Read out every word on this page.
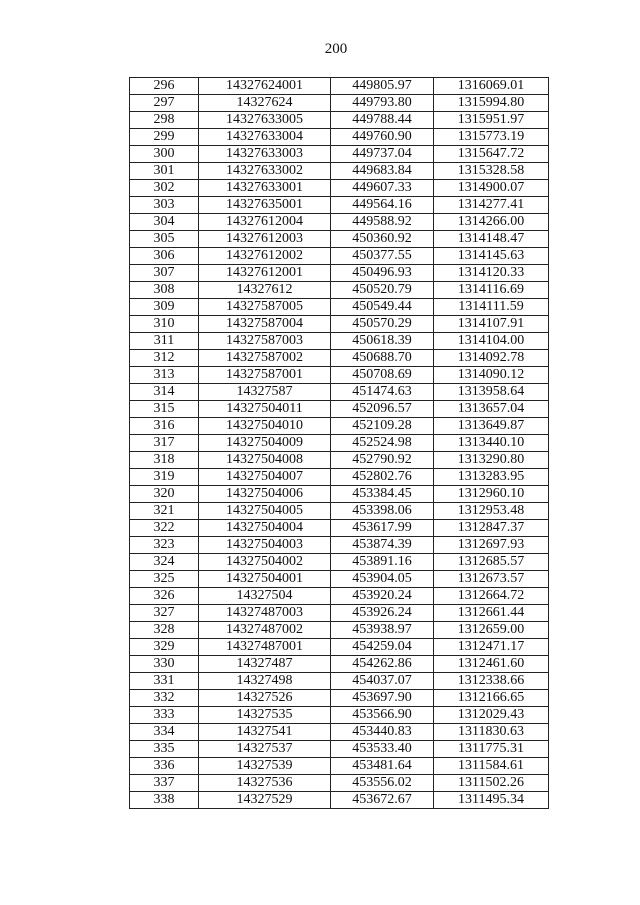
200
296	14327624001	449805.97	1316069.01
297	14327624	449793.80	1315994.80
298	14327633005	449788.44	1315951.97
299	14327633004	449760.90	1315773.19
300	14327633003	449737.04	1315647.72
301	14327633002	449683.84	1315328.58
302	14327633001	449607.33	1314900.07
303	14327635001	449564.16	1314277.41
304	14327612004	449588.92	1314266.00
305	14327612003	450360.92	1314148.47
306	14327612002	450377.55	1314145.63
307	14327612001	450496.93	1314120.33
308	14327612	450520.79	1314116.69
309	14327587005	450549.44	1314111.59
310	14327587004	450570.29	1314107.91
311	14327587003	450618.39	1314104.00
312	14327587002	450688.70	1314092.78
313	14327587001	450708.69	1314090.12
314	14327587	451474.63	1313958.64
315	14327504011	452096.57	1313657.04
316	14327504010	452109.28	1313649.87
317	14327504009	452524.98	1313440.10
318	14327504008	452790.92	1313290.80
319	14327504007	452802.76	1313283.95
320	14327504006	453384.45	1312960.10
321	14327504005	453398.06	1312953.48
322	14327504004	453617.99	1312847.37
323	14327504003	453874.39	1312697.93
324	14327504002	453891.16	1312685.57
325	14327504001	453904.05	1312673.57
326	14327504	453920.24	1312664.72
327	14327487003	453926.24	1312661.44
328	14327487002	453938.97	1312659.00
329	14327487001	454259.04	1312471.17
330	14327487	454262.86	1312461.60
331	14327498	454037.07	1312338.66
332	14327526	453697.90	1312166.65
333	14327535	453566.90	1312029.43
334	14327541	453440.83	1311830.63
335	14327537	453533.40	1311775.31
336	14327539	453481.64	1311584.61
337	14327536	453556.02	1311502.26
338	14327529	453672.67	1311495.34
